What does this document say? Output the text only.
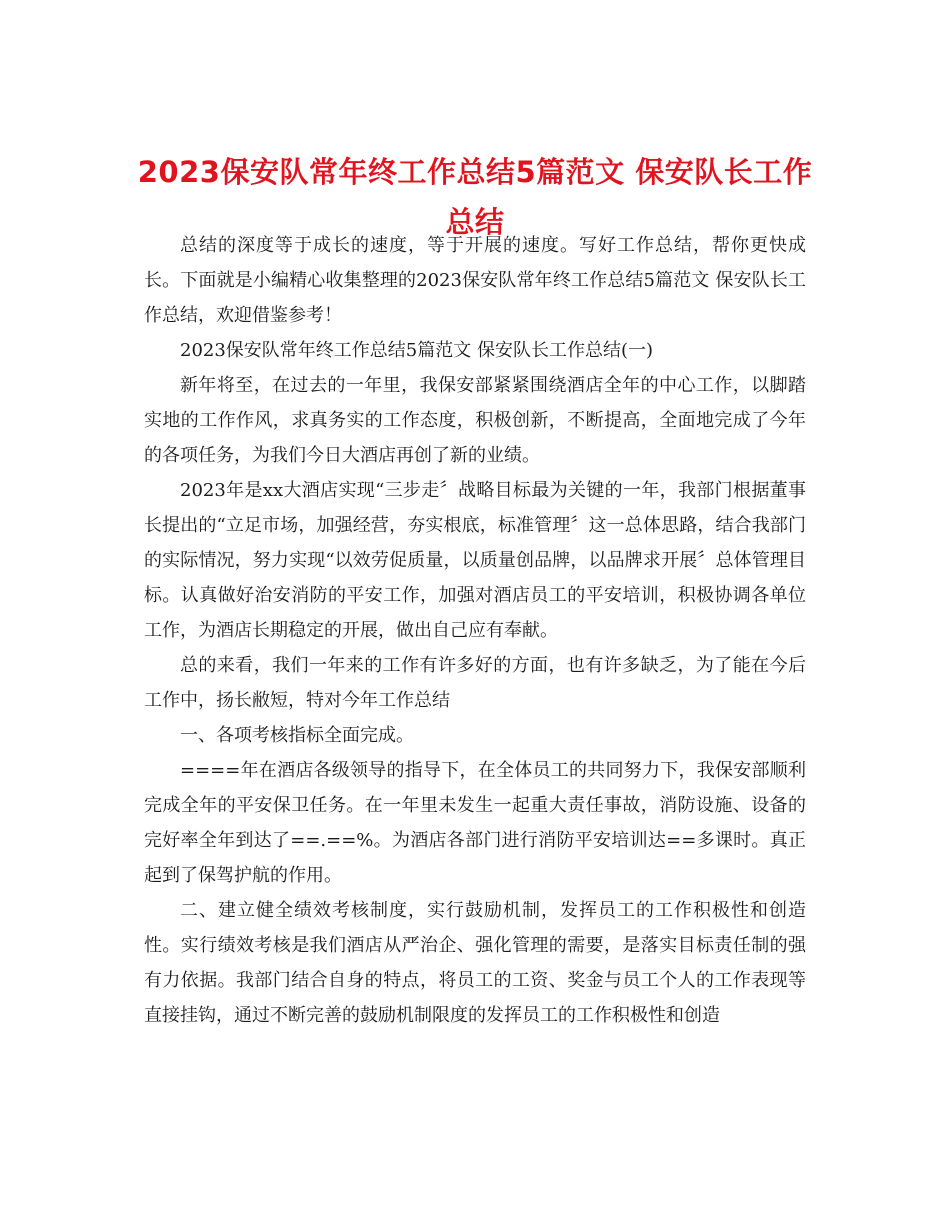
2023保安队常年终工作总结5篇范文 保安队长工作总结

总结的深度等于成长的速度，等于开展的速度。写好工作总结，帮你更快成长。下面就是小编精心收集整理的2023保安队常年终工作总结5篇范文 保安队长工作总结，欢迎借鉴参考！

2023保安队常年终工作总结5篇范文 保安队长工作总结(一)

新年将至，在过去的一年里，我保安部紧紧围绕酒店全年的中心工作，以脚踏实地的工作作风，求真务实的工作态度，积极创新，不断提高，全面地完成了今年的各项任务，为我们今日大酒店再创了新的业绩。

2023年是xx大酒店实现“三步走〞战略目标最为关键的一年，我部门根据董事长提出的“立足市场，加强经营，夯实根底，标准管理〞这一总体思路，结合我部门的实际情况，努力实现“以效劳促质量，以质量创品牌，以品牌求开展〞总体管理目标。认真做好治安消防的平安工作，加强对酒店员工的平安培训，积极协调各单位工作，为酒店长期稳定的开展，做出自己应有奉献。

总的来看，我们一年来的工作有许多好的方面，也有许多缺乏，为了能在今后工作中，扬长敝短，特对今年工作总结

一、各项考核指标全面完成。

====年在酒店各级领导的指导下，在全体员工的共同努力下，我保安部顺利完成全年的平安保卫任务。在一年里未发生一起重大责任事故，消防设施、设备的完好率全年到达了==.==%。为酒店各部门进行消防平安培训达==多课时。真正起到了保驾护航的作用。

二、建立健全绩效考核制度，实行鼓励机制，发挥员工的工作积极性和创造性。实行绩效考核是我们酒店从严治企、强化管理的需要，是落实目标责任制的强有力依据。我部门结合自身的特点，将员工的工资、奖金与员工个人的工作表现等直接挂钩，通过不断完善的鼓励机制限度的发挥员工的工作积极性和创造
